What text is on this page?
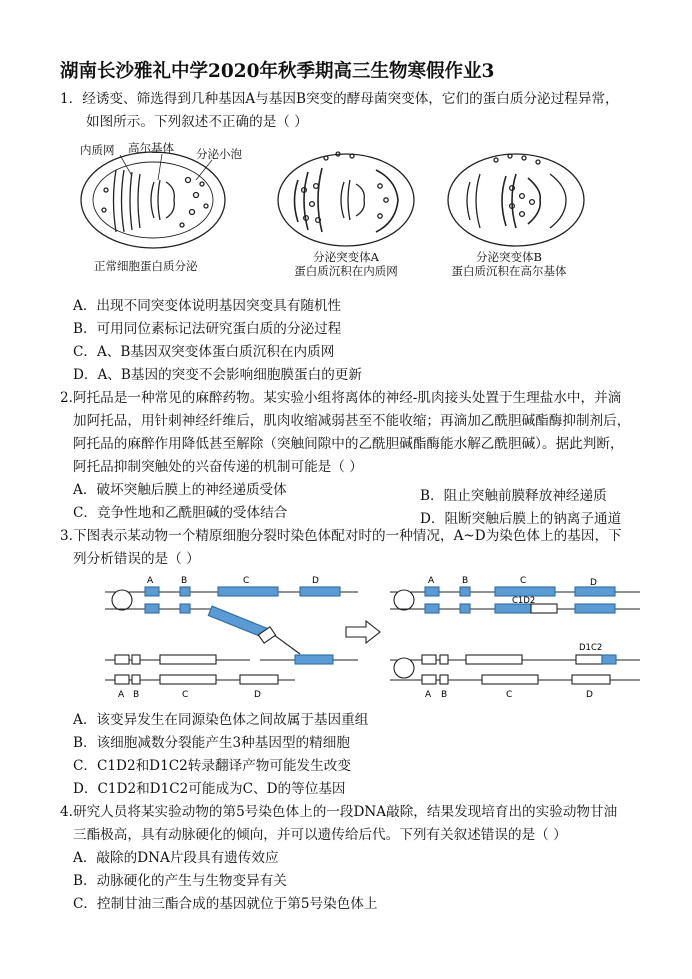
湖南长沙雅礼中学2020年秋季期高三生物寒假作业3
1．经诱变、筛选得到几种基因A与基因B突变的酵母菌突变体，它们的蛋白质分泌过程异常，
如图所示。下列叙述不正确的是（ ）
内质网 高尔基体 分泌小泡
正常细胞蛋白质分泌
分泌突变体A
蛋白质沉积在内质网
分泌突变体B
蛋白质沉积在高尔基体
A．出现不同突变体说明基因突变具有随机性
B．可用同位素标记法研究蛋白质的分泌过程
C．A、B基因双突变体蛋白质沉积在内质网
D．A、B基因的突变不会影响细胞膜蛋白的更新
2.阿托品是一种常见的麻醉药物。某实验小组将离体的神经-肌肉接头处置于生理盐水中，并滴
加阿托品，用针刺神经纤维后，肌肉收缩减弱甚至不能收缩；再滴加乙酰胆碱酯酶抑制剂后，
阿托品的麻醉作用降低甚至解除（突触间隙中的乙酰胆碱酯酶能水解乙酰胆碱）。据此判断，
阿托品抑制突触处的兴奋传递的机制可能是（ ）
A．破坏突触后膜上的神经递质受体	B．阻止突触前膜释放神经递质
C．竞争性地和乙酰胆碱的受体结合	D．阻断突触后膜上的钠离子通道
3.下图表示某动物一个精原细胞分裂时染色体配对时的一种情况，A~D为染色体上的基因，下
列分析错误的是（ ）
A	B	C	D
A B	C	D
A	B	C	D
C1D2
D1C2
A B	C	D
A．该变异发生在同源染色体之间故属于基因重组
B．该细胞减数分裂能产生3种基因型的精细胞
C．C1D2和D1C2转录翻译产物可能发生改变
D．C1D2和D1C2可能成为C、D的等位基因
4.研究人员将某实验动物的第5号染色体上的一段DNA敲除，结果发现培育出的实验动物甘油
三酯极高，具有动脉硬化的倾向，并可以遗传给后代。下列有关叙述错误的是（ ）
A．敲除的DNA片段具有遗传效应
B．动脉硬化的产生与生物变异有关
C．控制甘油三酯合成的基因就位于第5号染色体上
